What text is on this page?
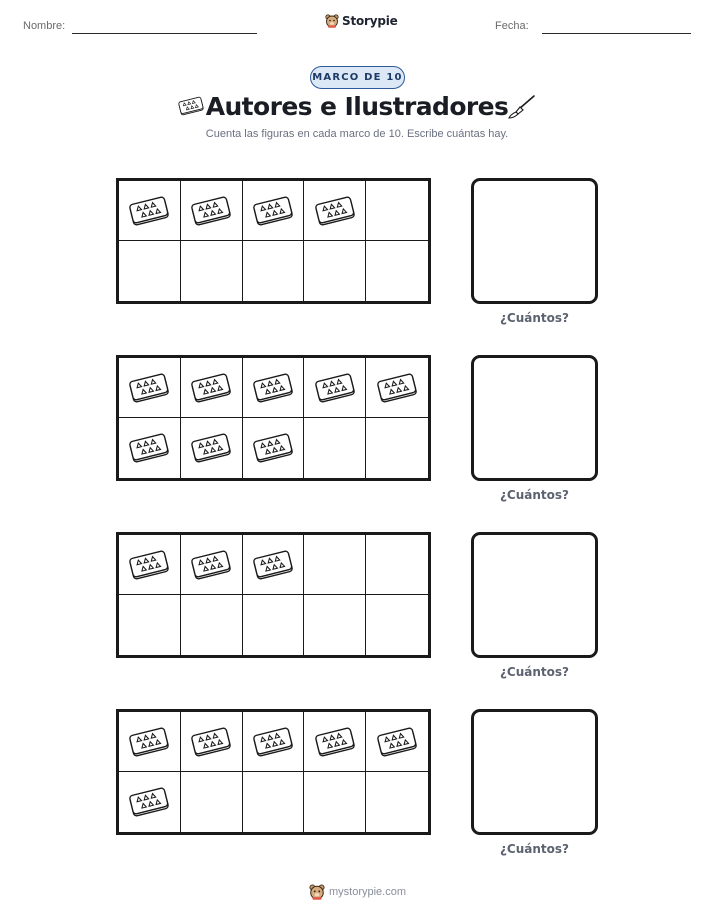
Nombre:	Storypie	Fecha:
MARCO DE 10
Autores e Ilustradores
Cuenta las figuras en cada marco de 10. Escribe cuántas hay.
¿Cuántos?
¿Cuántos?
¿Cuántos?
¿Cuántos?
mystorypie.com
